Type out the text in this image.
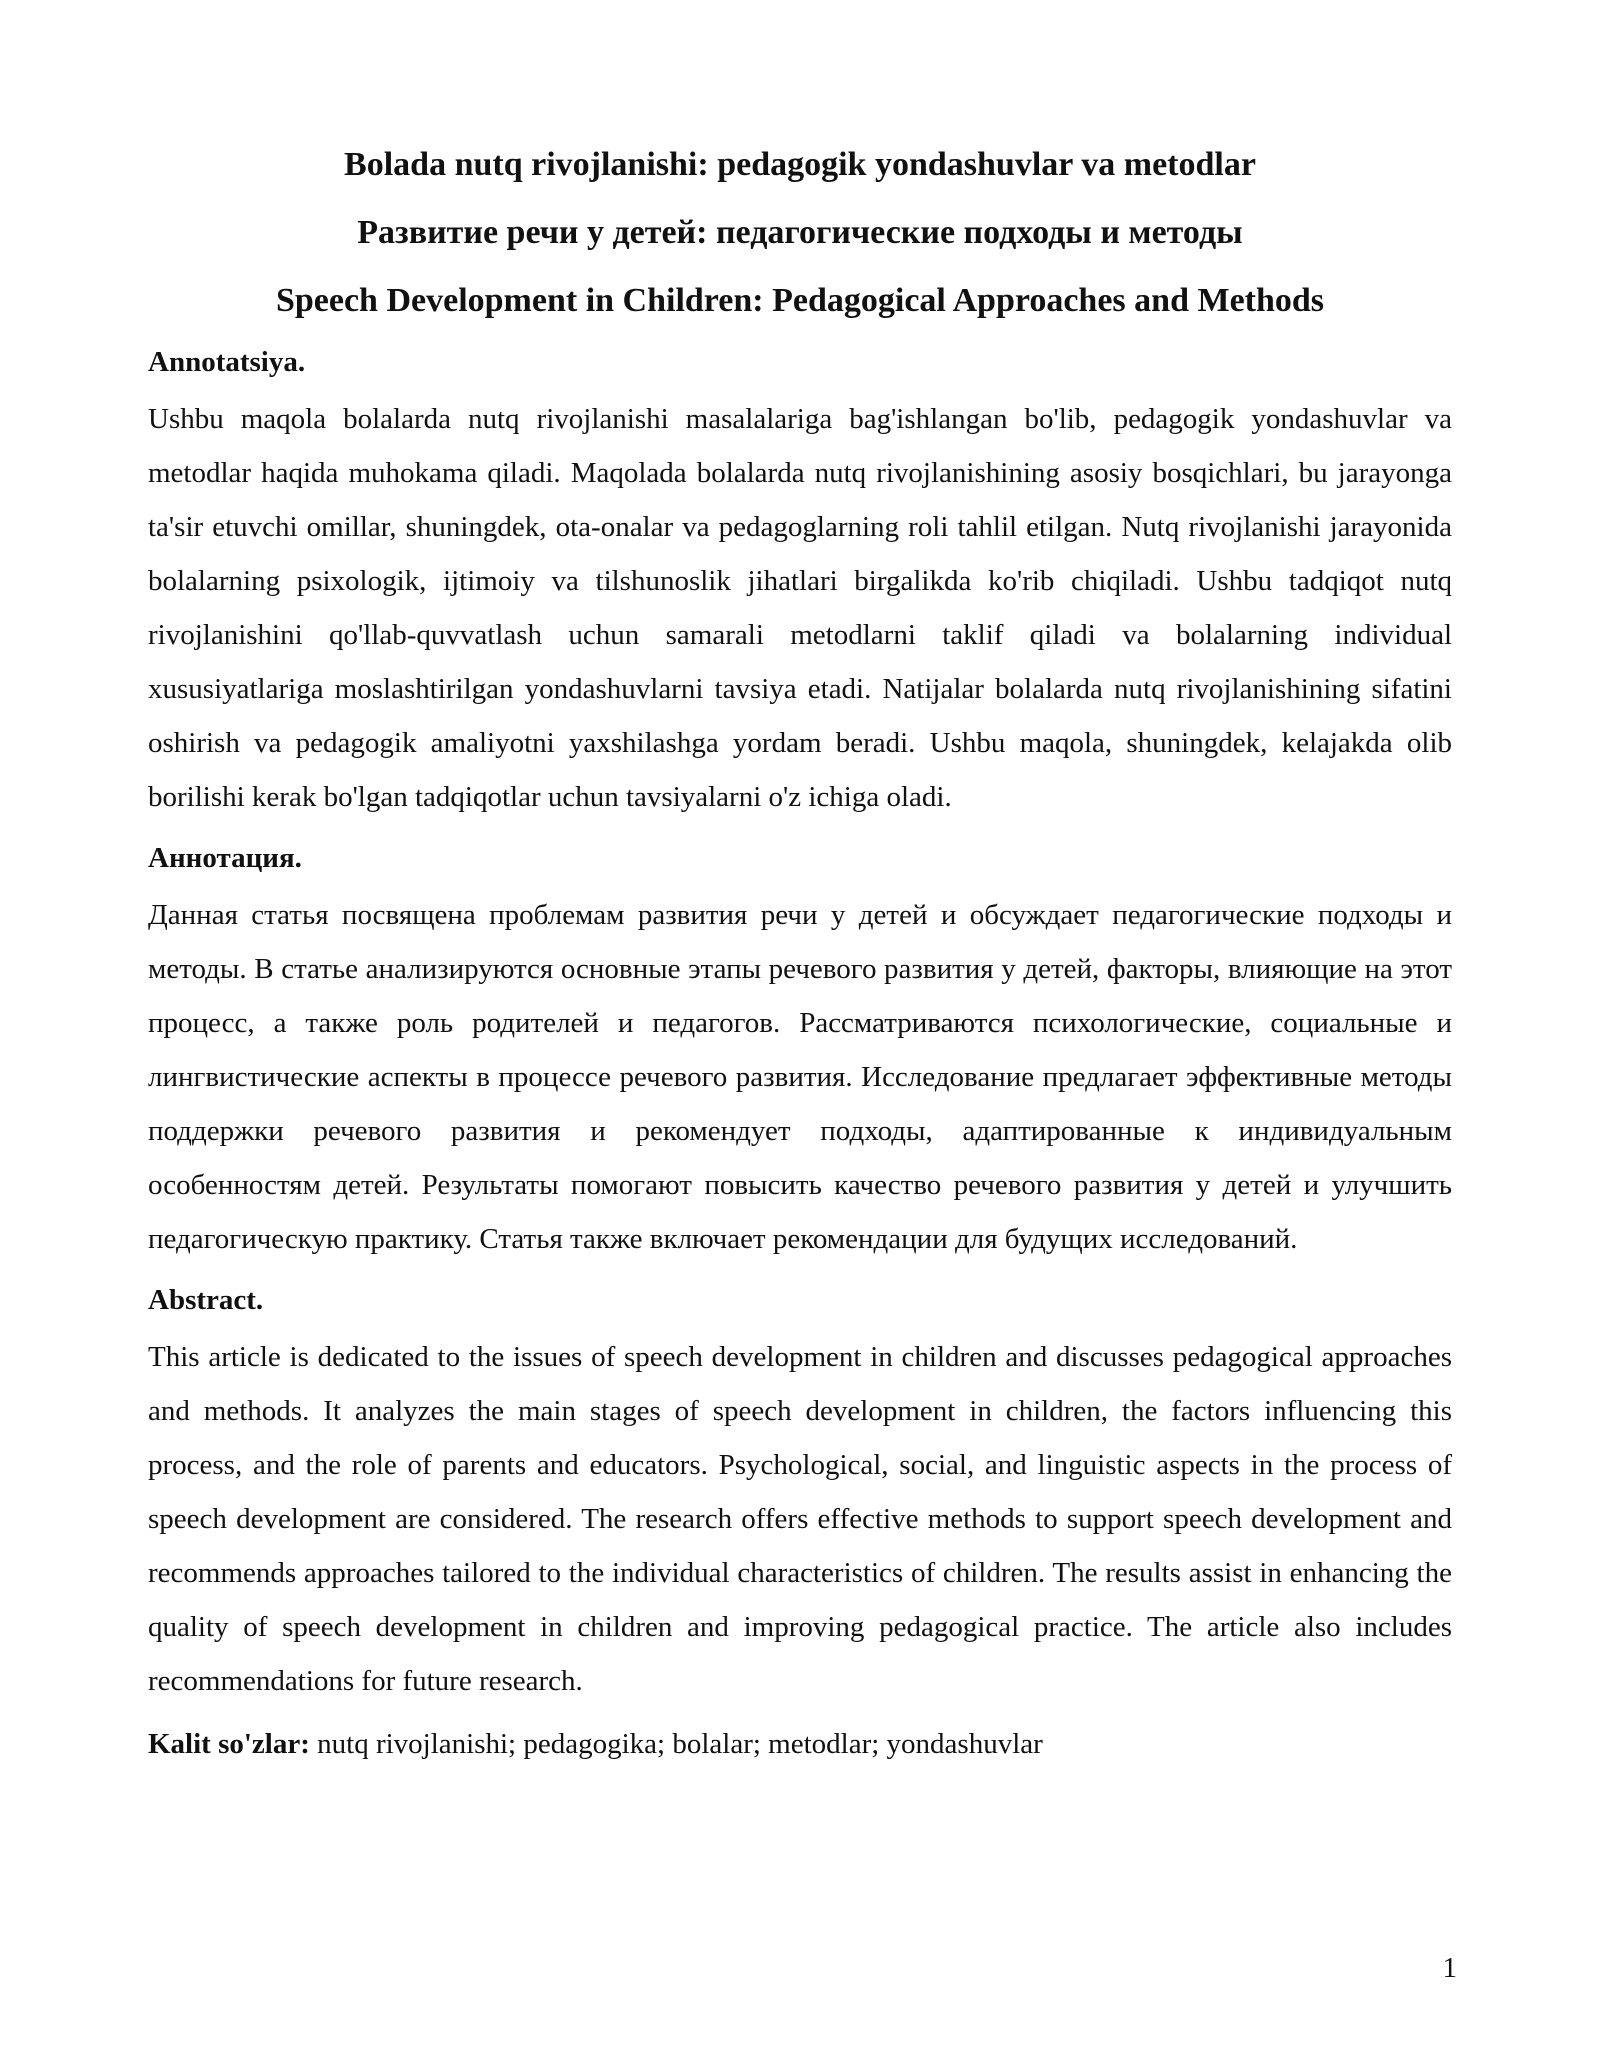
Bolada nutq rivojlanishi: pedagogik yondashuvlar va metodlar
Развитие речи у детей: педагогические подходы и методы
Speech Development in Children: Pedagogical Approaches and Methods
Annotatsiya.

Ushbu maqola bolalarda nutq rivojlanishi masalalariga bag'ishlangan bo'lib, pedagogik yondashuvlar va metodlar haqida muhokama qiladi. Maqolada bolalarda nutq rivojlanishining asosiy bosqichlari, bu jarayonga ta'sir etuvchi omillar, shuningdek, ota-onalar va pedagoglarning roli tahlil etilgan. Nutq rivojlanishi jarayonida bolalarning psixologik, ijtimoiy va tilshunoslik jihatlari birgalikda ko'rib chiqiladi. Ushbu tadqiqot nutq rivojlanishini qo'llab-quvvatlash uchun samarali metodlarni taklif qiladi va bolalarning individual xususiyatlariga moslashtirilgan yondashuvlarni tavsiya etadi. Natijalar bolalarda nutq rivojlanishining sifatini oshirish va pedagogik amaliyotni yaxshilashga yordam beradi. Ushbu maqola, shuningdek, kelajakda olib borilishi kerak bo'lgan tadqiqotlar uchun tavsiyalarni o'z ichiga oladi.

Аннотация.

Данная статья посвящена проблемам развития речи у детей и обсуждает педагогические подходы и методы. В статье анализируются основные этапы речевого развития у детей, факторы, влияющие на этот процесс, а также роль родителей и педагогов. Рассматриваются психологические, социальные и лингвистические аспекты в процессе речевого развития. Исследование предлагает эффективные методы поддержки речевого развития и рекомендует подходы, адаптированные к индивидуальным особенностям детей. Результаты помогают повысить качество речевого развития у детей и улучшить педагогическую практику. Статья также включает рекомендации для будущих исследований.

Abstract.

This article is dedicated to the issues of speech development in children and discusses pedagogical approaches and methods. It analyzes the main stages of speech development in children, the factors influencing this process, and the role of parents and educators. Psychological, social, and linguistic aspects in the process of speech development are considered. The research offers effective methods to support speech development and recommends approaches tailored to the individual characteristics of children. The results assist in enhancing the quality of speech development in children and improving pedagogical practice. The article also includes recommendations for future research.

Kalit so'zlar: nutq rivojlanishi; pedagogika; bolalar; metodlar; yondashuvlar

1
